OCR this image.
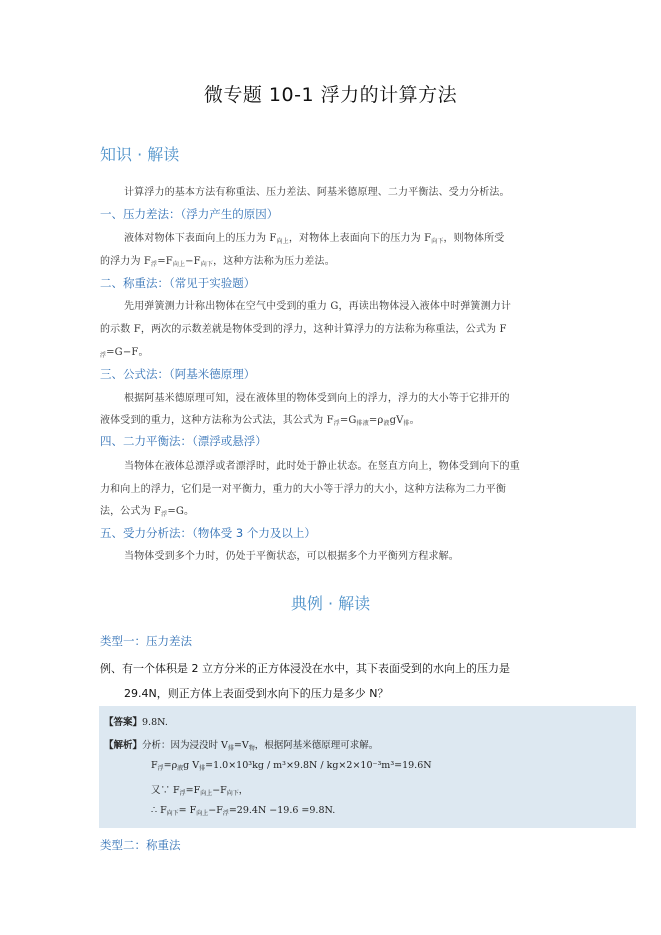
微专题 10-1 浮力的计算方法
知识 · 解读
计算浮力的基本方法有称重法、压力差法、阿基米德原理、二力平衡法、受力分析法。
一、压力差法：（浮力产生的原因）
液体对物体下表面向上的压力为 $F_{向上}$，对物体上表面向下的压力为 $F_{向下}$，则物体所受
的浮力为 $F_浮=F_{向上}-F_{向下}$，这种方法称为压力差法。
二、称重法：（常见于实验题）
先用弹簧测力计称出物体在空气中受到的重力 G，再读出物体浸入液体中时弹簧测力计
的示数 F，两次的示数差就是物体受到的浮力，这种计算浮力的方法称为称重法，公式为 F
$_浮$=G−F。
三、公式法：（阿基米德原理）
根据阿基米德原理可知，浸在液体里的物体受到向上的浮力，浮力的大小等于它排开的
液体受到的重力，这种方法称为公式法，其公式为 $F_浮=G_{排液}=\rho_液gV_排$。
四、二力平衡法：（漂浮或悬浮）
当物体在液体总漂浮或者漂浮时，此时处于静止状态。在竖直方向上，物体受到向下的重
力和向上的浮力，它们是一对平衡力，重力的大小等于浮力的大小，这种方法称为二力平衡
法，公式为 $F_浮=G$。
五、受力分析法：（物体受 3 个力及以上）
当物体受到多个力时，仍处于平衡状态，可以根据多个力平衡列方程求解。
典例 · 解读
类型一：压力差法
例、有一个体积是 2 立方分米的正方体浸没在水中，其下表面受到的水向上的压力是
29.4N，则正方体上表面受到水向下的压力是多少 N？
【答案】9.8N.
【解析】分析：因为浸没时 $V_排=V_物$，根据阿基米德原理可求解。
$F_浮=\rho_液g$ $V_排=1.0\times 10^3kg / m^3\times 9.8N / kg\times 2\times 10^{-3}m^3=19.6N$
又∵ $F_浮=F_{向上}-F_{向下}$，
∴ $F_{向下}= F_{向上}-F_浮=29.4N -19.6 =9.8N$.
类型二：称重法
